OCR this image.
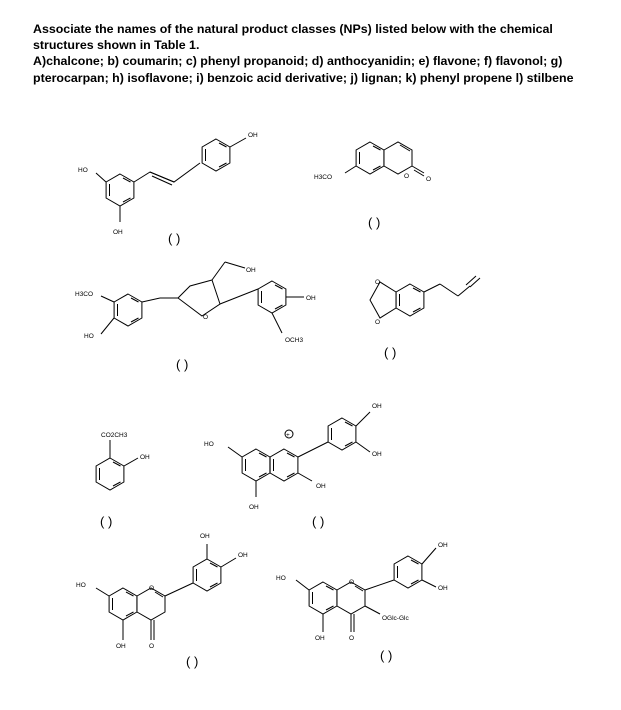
Associate the names of the natural product classes (NPs) listed below with the chemical structures shown in Table 1.

A)chalcone; b) coumarin; c) phenyl propanoid; d) anthocyanidin; e) flavone; f) flavonol; g) pterocarpan; h) isoflavone; i) benzoic acid derivative; j) lignan; k) phenyl propene l) stilbene

HO
OH
OH
( )
H3CO	O	O
( )
H3CO
HO
O
OH
OH
OCH3
( )
O
O
( )
CO2CH3
OH
( )
HO
+
OH
OH
OH
OH
( )
HO
OH
O
O
OH
OH
( )
HO
OH
O
O
OGlc-Glc
OH
OH
( )
